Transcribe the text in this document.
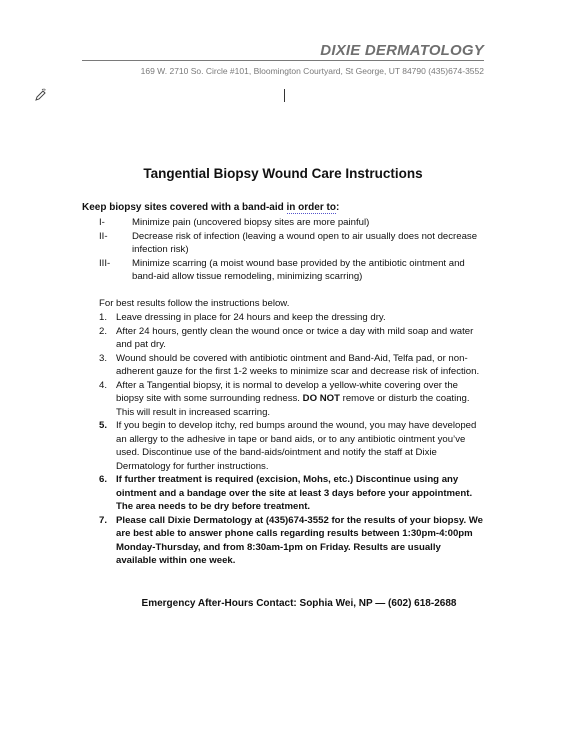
DIXIE DERMATOLOGY
169 W. 2710 So. Circle #101, Bloomington Courtyard, St George, UT 84790 (435)674-3552
Tangential Biopsy Wound Care Instructions
Keep biopsy sites covered with a band-aid in order to:
I-	Minimize pain (uncovered biopsy sites are more painful)
II-	Decrease risk of infection (leaving a wound open to air usually does not decrease infection risk)
III-	Minimize scarring (a moist wound base provided by the antibiotic ointment and band-aid allow tissue remodeling, minimizing scarring)
For best results follow the instructions below.
1. Leave dressing in place for 24 hours and keep the dressing dry.
2. After 24 hours, gently clean the wound once or twice a day with mild soap and water and pat dry.
3. Wound should be covered with antibiotic ointment and Band-Aid, Telfa pad, or non-adherent gauze for the first 1-2 weeks to minimize scar and decrease risk of infection.
4. After a Tangential biopsy, it is normal to develop a yellow-white covering over the biopsy site with some surrounding redness. DO NOT remove or disturb the coating. This will result in increased scarring.
5. If you begin to develop itchy, red bumps around the wound, you may have developed an allergy to the adhesive in tape or band aids, or to any antibiotic ointment you’ve used. Discontinue use of the band-aids/ointment and notify the staff at Dixie Dermatology for further instructions.
6. If further treatment is required (excision, Mohs, etc.) Discontinue using any ointment and a bandage over the site at least 3 days before your appointment. The area needs to be dry before treatment.
7. Please call Dixie Dermatology at (435)674-3552 for the results of your biopsy. We are best able to answer phone calls regarding results between 1:30pm-4:00pm Monday-Thursday, and from 8:30am-1pm on Friday. Results are usually available within one week.
Emergency After-Hours Contact: Sophia Wei, NP — (602) 618-2688
